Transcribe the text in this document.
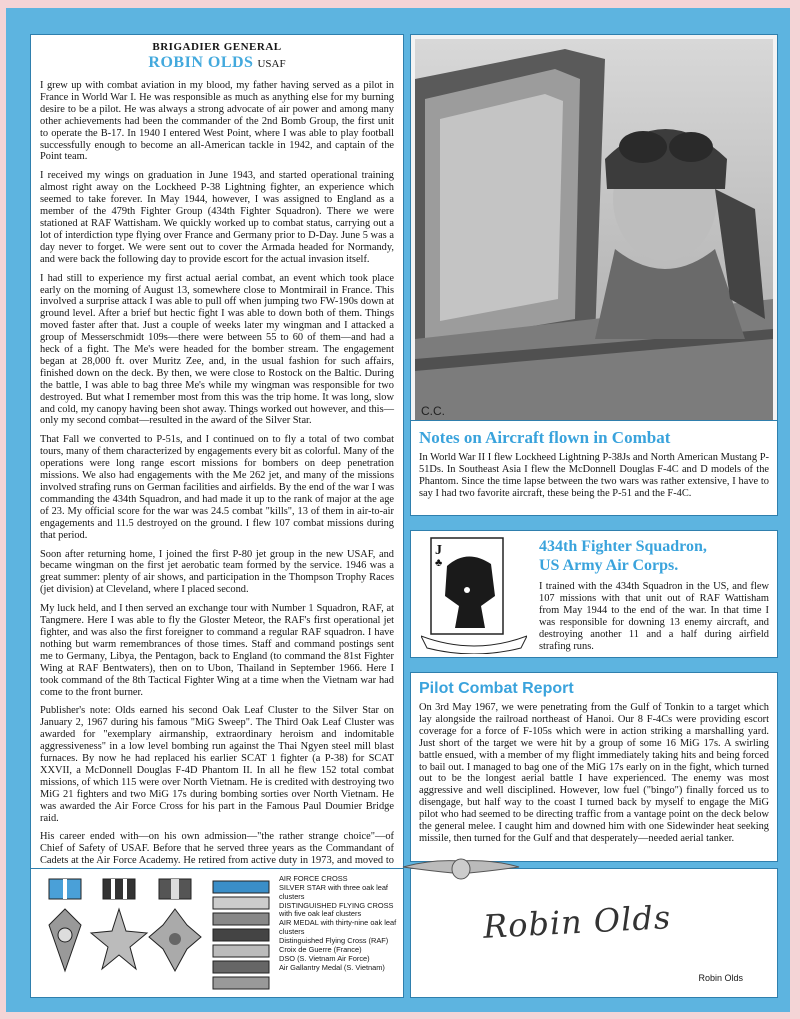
BRIGADIER GENERAL
ROBIN OLDS USAF

I grew up with combat aviation in my blood, my father having served as a pilot in France in World War I. He was responsible as much as anything else for my burning desire to be a pilot. He was always a strong advocate of air power and among many other achievements had been the commander of the 2nd Bomb Group, the first unit to operate the B-17. In 1940 I entered West Point, where I was able to play football successfully enough to become an all-American tackle in 1942, and captain of the Point team.

I received my wings on graduation in June 1943, and started operational training almost right away on the Lockheed P-38 Lightning fighter, an experience which seemed to take forever. In May 1944, however, I was assigned to England as a member of the 479th Fighter Group (434th Fighter Squadron). There we were stationed at RAF Wattisham. We quickly worked up to combat status, carrying out a lot of interdiction type flying over France and Germany prior to D-Day. June 5 was a day never to forget. We were sent out to cover the Armada headed for Normandy, and were back the following day to provide escort for the actual invasion itself.

I had still to experience my first actual aerial combat, an event which took place early on the morning of August 13, somewhere close to Montmirail in France. This involved a surprise attack I was able to pull off when jumping two FW-190s down at ground level. After a brief but hectic fight I was able to down both of them. Things moved faster after that. Just a couple of weeks later my wingman and I attacked a group of Messerschmidt 109s—there were between 55 to 60 of them—and had a heck of a fight. The Me's were headed for the bomber stream. The engagement began at 28,000 ft. over Muritz Zee, and, in the usual fashion for such affairs, finished down on the deck. By then, we were close to Rostock on the Baltic. During the battle, I was able to bag three Me's while my wingman was responsible for two destroyed. But what I remember most from this was the trip home. It was long, slow and cold, my canopy having been shot away. Things worked out however, and this—only my second combat—resulted in the award of the Silver Star.

That Fall we converted to P-51s, and I continued on to fly a total of two combat tours, many of them characterized by engagements every bit as colorful. Many of the operations were long range escort missions for bombers on deep penetration missions. We also had engagements with the Me 262 jet, and many of the missions involved strafing runs on German facilities and airfields. By the end of the war I was commanding the 434th Squadron, and had made it up to the rank of major at the age of 23. My official score for the war was 24.5 combat "kills", 13 of them in air-to-air engagements and 11.5 destroyed on the ground. I flew 107 combat missions during that period.

Soon after returning home, I joined the first P-80 jet group in the new USAF, and became wingman on the first jet aerobatic team formed by the service. 1946 was a great summer: plenty of air shows, and participation in the Thompson Trophy Races (jet division) at Cleveland, where I placed second.

My luck held, and I then served an exchange tour with Number 1 Squadron, RAF, at Tangmere. Here I was able to fly the Gloster Meteor, the RAF's first operational jet fighter, and was also the first foreigner to command a regular RAF squadron. I have nothing but warm remembrances of those times. Staff and command postings sent me to Germany, Libya, the Pentagon, back to England (to command the 81st Fighter Wing at RAF Bentwaters), then on to Ubon, Thailand in September 1966. Here I took command of the 8th Tactical Fighter Wing at a time when the Vietnam war had come to the front burner.

Publisher's note: Olds earned his second Oak Leaf Cluster to the Silver Star on January 2, 1967 during his famous "MiG Sweep". The Third Oak Leaf Cluster was awarded for "exemplary airmanship, extraordinary heroism and indomitable aggressiveness" in a low level bombing run against the Thai Ngyen steel mill blast furnaces. By now he had replaced his earlier SCAT 1 fighter (a P-38) for SCAT XXVII, a McDonnell Douglas F-4D Phantom II. In all he flew 152 total combat missions, of which 115 were over North Vietnam. He is credited with destroying two MiG 21 fighters and two MiG 17s during bombing sorties over North Vietnam. He was awarded the Air Force Cross for his part in the Famous Paul Doumier Bridge raid.

His career ended with—on his own admission—"the rather strange choice"—of Chief of Safety of USAF. Before that he served three years as the Commandant of Cadets at the Air Force Academy. He retired from active duty in 1973, and moved to

C.C.
Notes on Aircraft flown in Combat

In World War II I flew Lockheed Lightning P-38Js and North American Mustang P-51Ds. In Southeast Asia I flew the McDonnell Douglas F-4C and D models of the Phantom. Since the time lapse between the two wars was rather extensive, I have to say I had two favorite aircraft, these being the P-51 and the F-4C.

J
♣
434th Fighter Squadron,
US Army Air Corps.

I trained with the 434th Squadron in the US, and flew 107 missions with that unit out of RAF Wattisham from May 1944 to the end of the war. In that time I was responsible for downing 13 enemy aircraft, and destroying another 11 and a half during airfield strafing runs.

Pilot Combat Report

On 3rd May 1967, we were penetrating from the Gulf of Tonkin to a target which lay alongside the railroad northeast of Hanoi. Our 8 F-4Cs were providing escort coverage for a force of F-105s which were in action striking a marshalling yard. Just short of the target we were hit by a group of some 16 MiG 17s. A swirling battle ensued, with a member of my flight immediately taking hits and being forced to bail out. I managed to bag one of the MiG 17s early on in the fight, which turned out to be the longest aerial battle I have experienced. The enemy was most aggressive and well disciplined. However, low fuel ("bingo") finally forced us to disengage, but half way to the coast I turned back by myself to engage the MiG pilot who had seemed to be directing traffic from a vantage point on the deck below the general melee. I caught him and downed him with one Sidewinder heat seeking missile, then turned for the Gulf and that desperately—needed aerial tanker.

AIR FORCE CROSS
SILVER STAR with three oak leaf clusters
DISTINGUISHED FLYING CROSS with five oak leaf clusters
AIR MEDAL with thirty-nine oak leaf clusters
Distinguished Flying Cross (RAF)
Croix de Guerre (France)
DSO (S. Vietnam Air Force)
Air Gallantry Medal (S. Vietnam)
Robin Olds
Robin Olds
